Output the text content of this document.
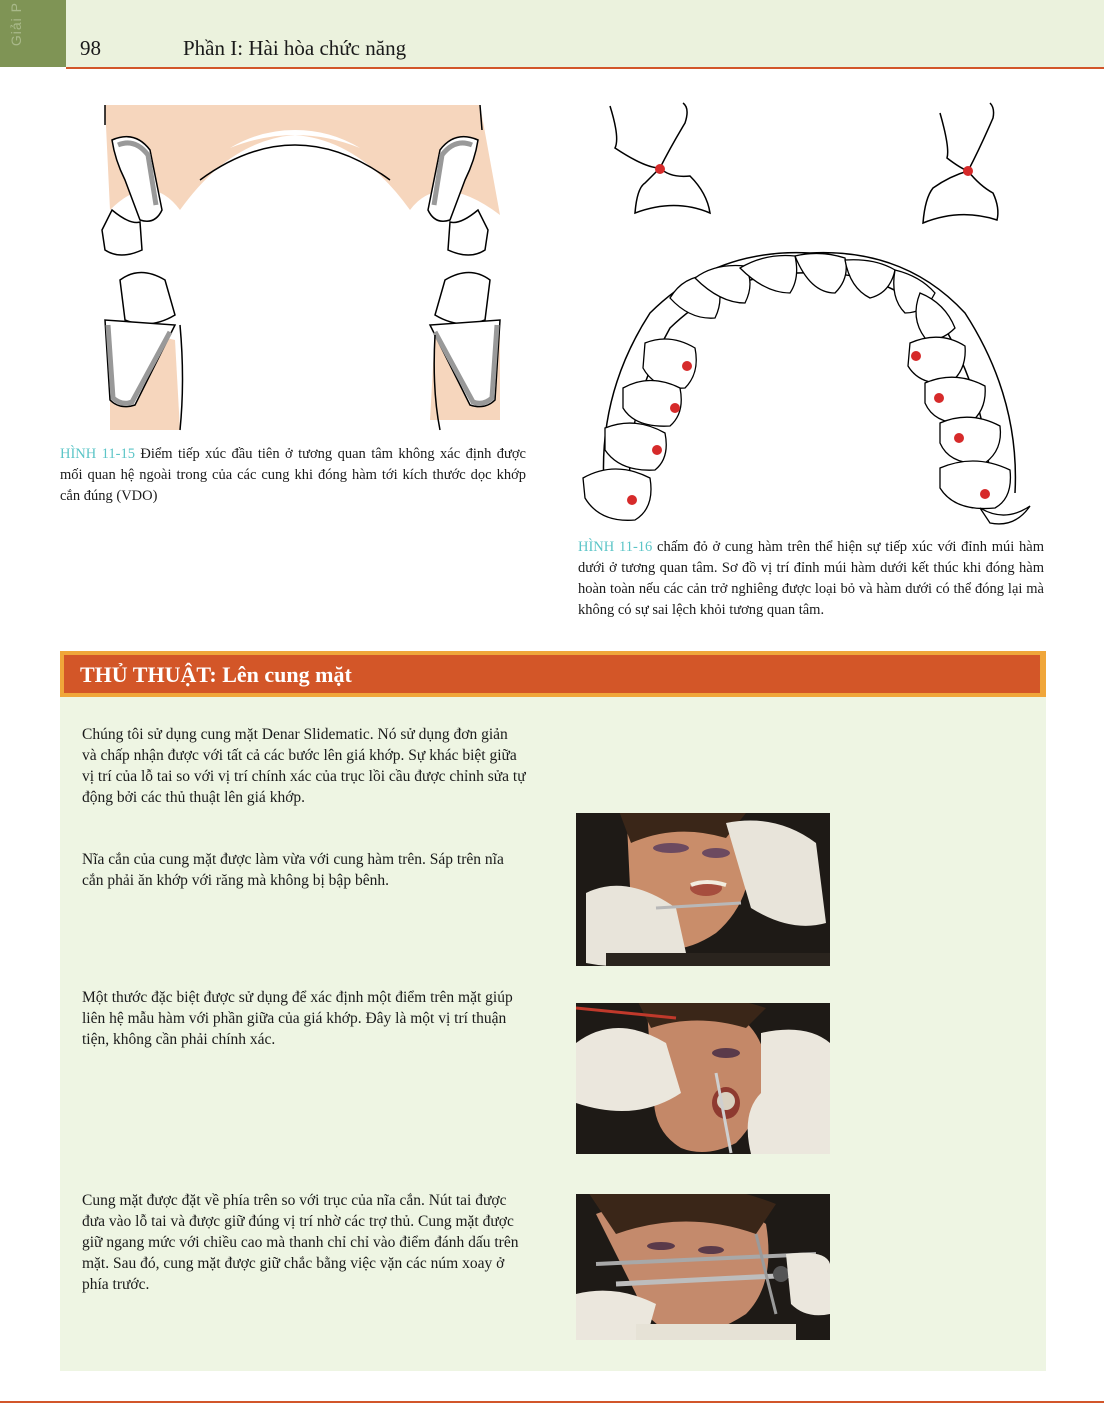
Giải P
98	Phần I: Hài hòa chức năng
HÌNH 11-15 Điểm tiếp xúc đầu tiên ở tương quan tâm không xác định được mối quan hệ ngoài trong của các cung khi đóng hàm tới kích thước dọc khớp cắn đúng (VDO)
HÌNH 11-16 chấm đỏ ở cung hàm trên thể hiện sự tiếp xúc với đỉnh múi hàm dưới ở tương quan tâm. Sơ đồ vị trí đỉnh múi hàm dưới kết thúc khi đóng hàm hoàn toàn nếu các cản trở nghiêng được loại bỏ và hàm dưới có thể đóng lại mà không có sự sai lệch khỏi tương quan tâm.
THỦ THUẬT: Lên cung mặt
Chúng tôi sử dụng cung mặt Denar Slidematic. Nó sử dụng đơn giản và chấp nhận được với tất cả các bước lên giá khớp. Sự khác biệt giữa vị trí của lỗ tai so với vị trí chính xác của trục lồi cầu được chỉnh sửa tự động bởi các thủ thuật lên giá khớp.
Nĩa cắn của cung mặt được làm vừa với cung hàm trên. Sáp trên nĩa cắn phải ăn khớp với răng mà không bị bập bênh.
Một thước đặc biệt được sử dụng để xác định một điểm trên mặt giúp liên hệ mẫu hàm với phần giữa của giá khớp. Đây là một vị trí thuận tiện, không cần phải chính xác.
Cung mặt được đặt về phía trên so với trục của nĩa cắn. Nút tai được đưa vào lỗ tai và được giữ đúng vị trí nhờ các trợ thủ. Cung mặt được giữ ngang mức với chiều cao mà thanh chỉ chỉ vào điểm đánh dấu trên mặt. Sau đó, cung mặt được giữ chắc bằng việc vặn các núm xoay ở phía trước.
